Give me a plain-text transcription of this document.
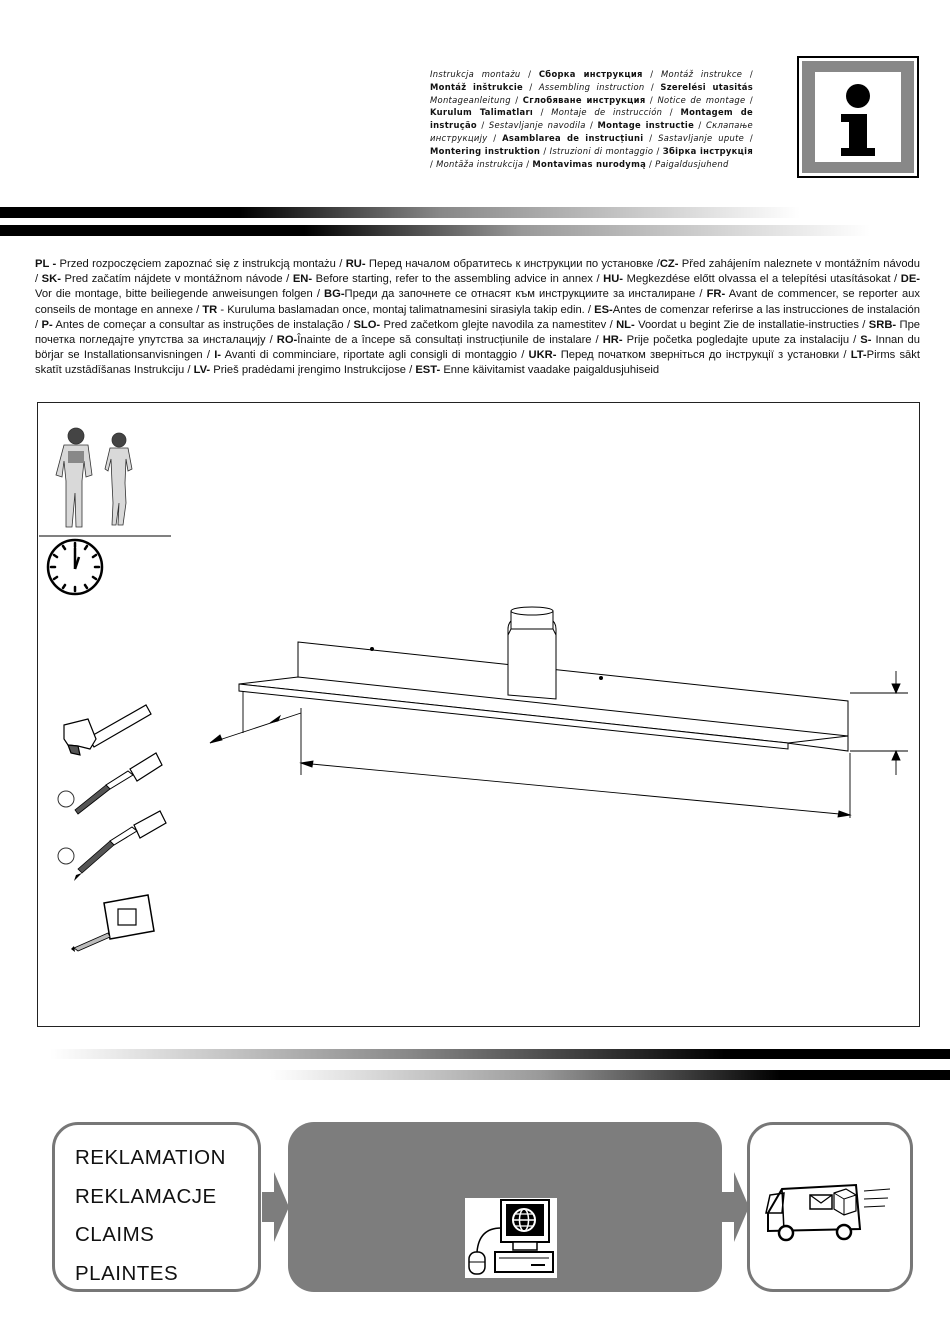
Instrukcja montażu / Сборка инструкция / Montáž instrukce / Montáž inštrukcie / Assembling instruction / Szerelési utasitás Montageanleitung / Сглобяване инструкция / Notice de montage / Kurulum Talimatları / Montaje de instrucción / Montagem de instrução / Sestavljanje navodila / Montage instructie / Склапање инструкцију / Asamblarea de instrucțiuni / Sastavljanje upute / Montering instruktion / Istruzioni di montaggio / Збірка інструкція / Montāža instrukcija / Montavimas nurodymą / Paigaldusjuhend
PL - Przed rozpoczęciem zapoznać się z instrukcją montażu / RU- Перед началом обратитесь к инструкции по установке /CZ- Před zahájením naleznete v montážním návodu / SK- Pred začatím nájdete v montážnom návode / EN- Before starting, refer to the assembling advice in annex / HU- Megkezdése előtt olvassa el a telepítési utasításokat / DE- Vor die montage, bitte beiliegende anweisungen folgen / BG-Преди да започнете се отнасят към инструкциите за инсталиране / FR- Avant de commencer, se reporter aux conseils de montage en annexe / TR - Kuruluma baslamadan once, montaj talimatnamesini sirasiyla takip edin. / ES-Antes de comenzar referirse a las instrucciones de instalación / P- Antes de começar a consultar as instruções de instalação / SLO- Pred začetkom glejte navodila za namestitev / NL- Voordat u begint Zie de installatie-instructies / SRB- Пре почетка погледајте упутства за инсталацију / RO-Înainte de a începe să consultați instrucțiunile de instalare / HR- Prije početka pogledajte upute za instalaciju / S- Innan du börjar se Installationsanvisningen / I- Avanti di comminciare, riportate agli consigli di montaggio / UKR- Перед початком зверніться до інструкції з установки / LT-Pirms sākt skatīt uzstādīšanas Instrukciju / LV- Prieš pradėdami įrengimo Instrukcijose / EST- Enne käivitamist vaadake paigaldusjuhiseid
REKLAMATION
REKLAMACJE
CLAIMS
PLAINTES
